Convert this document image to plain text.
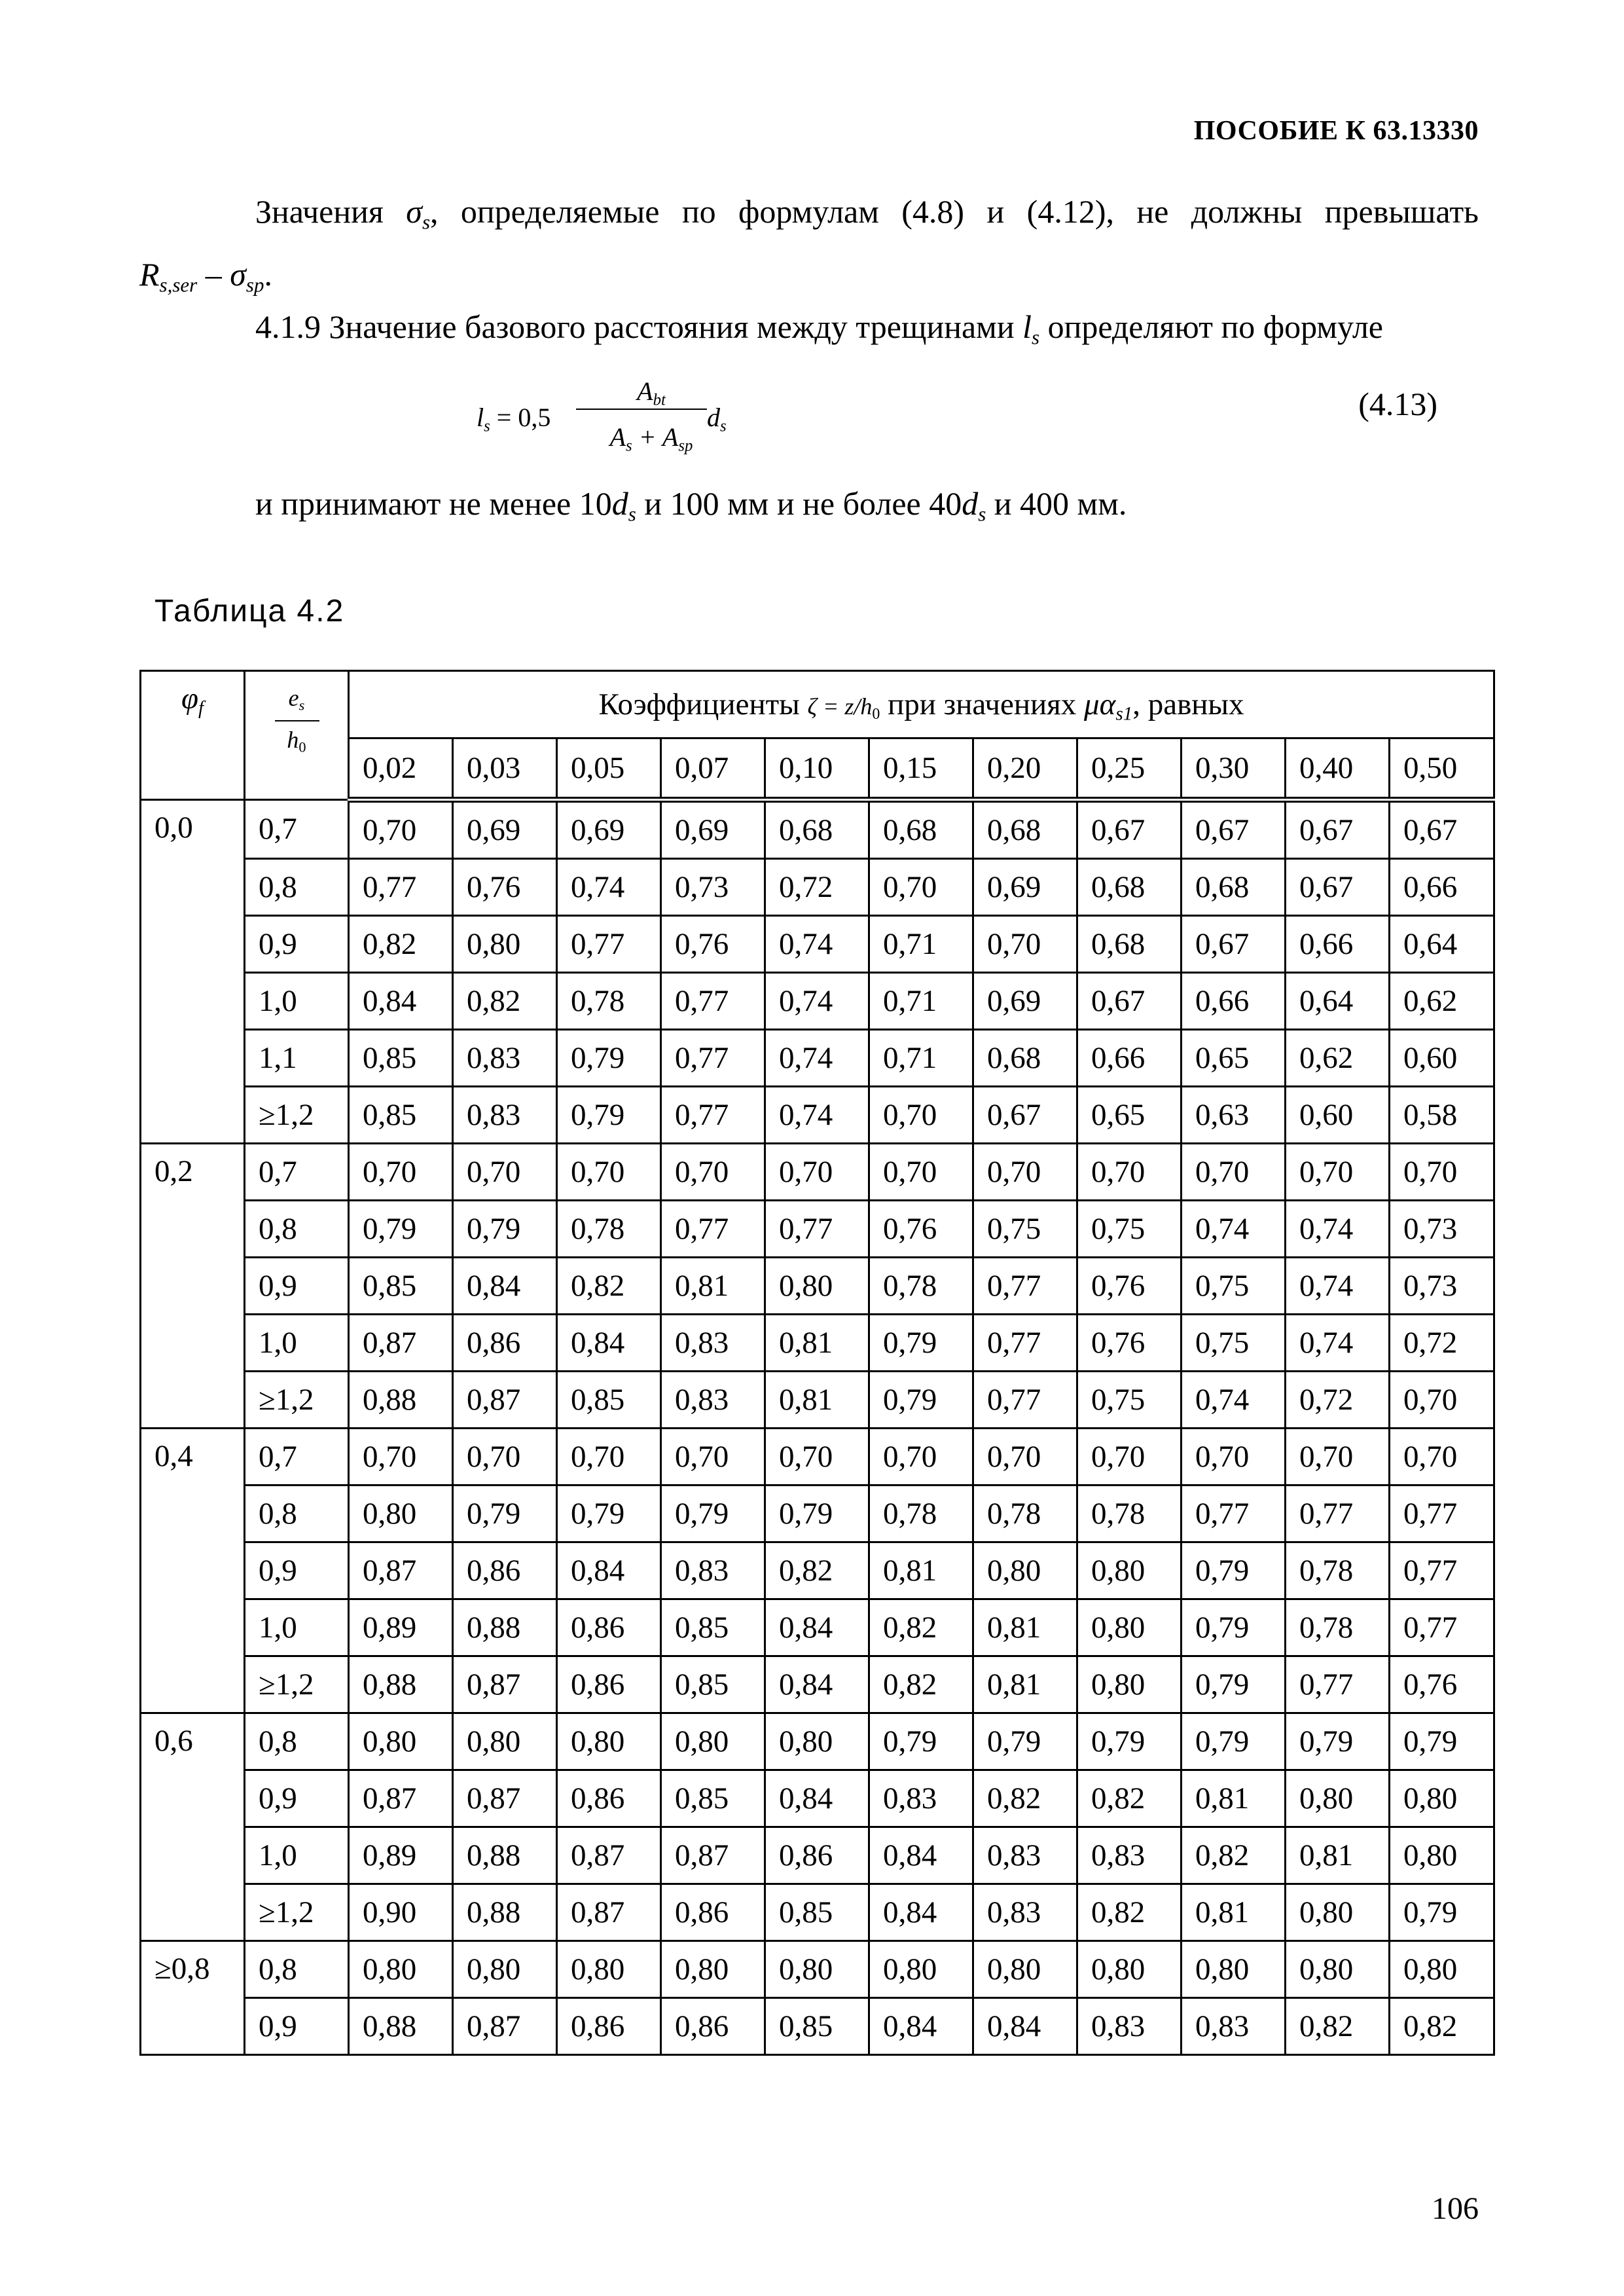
ПОСОБИЕ К 63.13330
Значения $\sigma_s$, определяемые по формулам (4.8) и (4.12), не должны превышать
$R_{s,ser} - \sigma_{sp}$.
4.1.9 Значение базового расстояния между трещинами $l_s$ определяют по формуле
$l_s = 0,5$
$A_{bt}$
$A_s + A_{sp}$
$d_s$
(4.13)
и принимают не менее $10d_s$ и 100 мм и не более $40d_s$ и 400 мм.
Таблица 4.2
$\varphi_f$	$\frac{e_s}{h_0}$	Коэффициенты $\zeta = z/h_0$ при значениях $\mu\alpha_{s1}$, равных										
		0,02	0,03	0,05	0,07	0,10	0,15	0,20	0,25	0,30	0,40	0,50
0,0	0,7	0,70	0,69	0,69	0,69	0,68	0,68	0,68	0,67	0,67	0,67	0,67
	0,8	0,77	0,76	0,74	0,73	0,72	0,70	0,69	0,68	0,68	0,67	0,66
	0,9	0,82	0,80	0,77	0,76	0,74	0,71	0,70	0,68	0,67	0,66	0,64
	1,0	0,84	0,82	0,78	0,77	0,74	0,71	0,69	0,67	0,66	0,64	0,62
	1,1	0,85	0,83	0,79	0,77	0,74	0,71	0,68	0,66	0,65	0,62	0,60
	≥1,2	0,85	0,83	0,79	0,77	0,74	0,70	0,67	0,65	0,63	0,60	0,58
0,2	0,7	0,70	0,70	0,70	0,70	0,70	0,70	0,70	0,70	0,70	0,70	0,70
	0,8	0,79	0,79	0,78	0,77	0,77	0,76	0,75	0,75	0,74	0,74	0,73
	0,9	0,85	0,84	0,82	0,81	0,80	0,78	0,77	0,76	0,75	0,74	0,73
	1,0	0,87	0,86	0,84	0,83	0,81	0,79	0,77	0,76	0,75	0,74	0,72
	≥1,2	0,88	0,87	0,85	0,83	0,81	0,79	0,77	0,75	0,74	0,72	0,70
0,4	0,7	0,70	0,70	0,70	0,70	0,70	0,70	0,70	0,70	0,70	0,70	0,70
	0,8	0,80	0,79	0,79	0,79	0,79	0,78	0,78	0,78	0,77	0,77	0,77
	0,9	0,87	0,86	0,84	0,83	0,82	0,81	0,80	0,80	0,79	0,78	0,77
	1,0	0,89	0,88	0,86	0,85	0,84	0,82	0,81	0,80	0,79	0,78	0,77
	≥1,2	0,88	0,87	0,86	0,85	0,84	0,82	0,81	0,80	0,79	0,77	0,76
0,6	0,8	0,80	0,80	0,80	0,80	0,80	0,79	0,79	0,79	0,79	0,79	0,79
	0,9	0,87	0,87	0,86	0,85	0,84	0,83	0,82	0,82	0,81	0,80	0,80
	1,0	0,89	0,88	0,87	0,87	0,86	0,84	0,83	0,83	0,82	0,81	0,80
	≥1,2	0,90	0,88	0,87	0,86	0,85	0,84	0,83	0,82	0,81	0,80	0,79
≥0,8	0,8	0,80	0,80	0,80	0,80	0,80	0,80	0,80	0,80	0,80	0,80	0,80
	0,9	0,88	0,87	0,86	0,86	0,85	0,84	0,84	0,83	0,83	0,82	0,82
106
